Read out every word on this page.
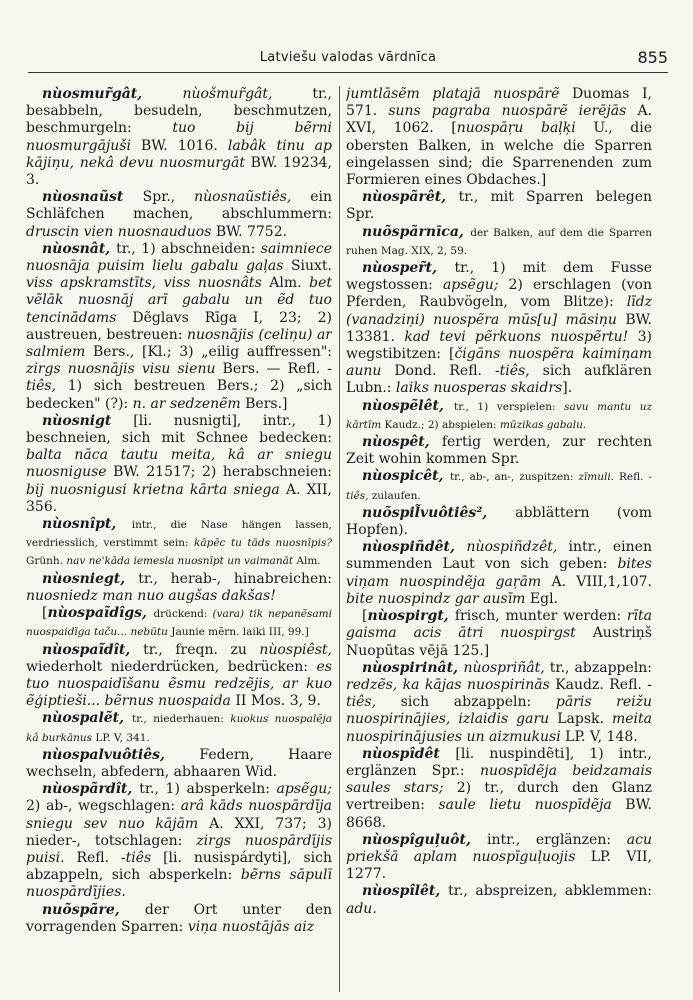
Latviešu valodas vārdnīca	855

nùosmur̃gât, nùošmur̃gât, tr., besabbeln, besudeln, beschmutzen, beschmurgeln: tuo bij bẽrni nuosmurgājuši BW. 1016. labâk tinu ap kājiņu, nekâ devu nuosmurgāt BW. 19234, 3.

nùosnaũst Spr., nùosnaũstiês, ein Schläfchen machen, abschlummern: druscin vien nuosnauduos BW. 7752.

nùosnât, tr., 1) abschneiden: saimniece nuosnāja puisim lielu gabalu gaļas Siuxt. viss apskramstīts, viss nuosnâts Alm. bet vẽlāk nuosnāj arī gabalu un ẽd tuo tencinādams Dẽglavs Rīga I, 23; 2) austreuen, bestreuen: nuosnājis (celiņu) ar salmiem Bers., [Kl.; 3) „eilig auffressen": zirgs nuosnājis visu sienu Bers. — Refl. -tiês, 1) sich bestreuen Bers.; 2) „sich bedecken" (?): n. ar sedzenẽm Bers.]

nùosnigt [li. nusnigti], intr., 1) beschneien, sich mit Schnee bedecken: balta nāca tautu meita, kâ ar sniegu nuosniguse BW. 21517; 2) herabschneien: bij nuosnigusi krietna kārta sniega A. XII, 356.

nùosnîpt, intr., die Nase hängen lassen, verdriesslich, verstimmt sein: kāpēc tu tāds nuosnīpis? Grünh. nav ne'kāda iemesla nuosnīpt un vaimanāt Alm.

nùosniegt, tr., herab-, hinabreichen: nuosniedz man nuo augšas dakšas!

[nùospaĩdîgs, drückend: (vara) tik nepanẽsami nuospaidīga taču... nebūtu Jaunie mẽrn. laiki III, 99.]

nùospaĩdît, tr., freqn. zu nùospiêst, wiederholt niederdrücken, bedrücken: es tuo nuospaidīšanu ẽsmu redzẽjis, ar kuo ẽģiptieši... bẽrnus nuospaida II Mos. 3, 9.

nùospalẽt, tr., niederhauen: kuokus nuospalẽja kâ burkānus LP. V, 341.

nùospalvuôtiês, Federn, Haare wechseln, abfedern, abhaaren Wid.

nùospãrdît, tr., 1) absperkeln: apsẽgu; 2) ab-, wegschlagen: arâ kāds nuospārdīja sniegu sev nuo kājām A. XXI, 737; 3) nieder-, totschlagen: zirgs nuospārdījis puisi. Refl. -tiês [li. nusispárdyti], sich abzappeln, sich absperkeln: bẽrns sāpulī nuospārdījies.

nuõspãre, der Ort unter den vorragenden Sparren: viņa nuostājās aiz

jumtlāsẽm platajā nuospārẽ Duomas I, 571. suns pagraba nuospārẽ ierējās A. XVI, 1062. [nuospāŗu baļķi U., die obersten Balken, in welche die Sparren eingelassen sind; die Sparrenenden zum Formieren eines Obdaches.]

nùospãrêt, tr., mit Sparren belegen Spr.

nuõspãrnīca, der Balken, auf dem die Sparren ruhen Mag. XIX, 2, 59.

nùosper̃t, tr., 1) mit dem Fusse wegstossen: apsẽgu; 2) erschlagen (von Pferden, Raubvögeln, vom Blitze): līdz (vanadziņi) nuospẽra mūs[u] māsiņu BW. 13381. kad tevi pẽrkuons nuospẽrtu! 3) wegstibitzen: [čigāns nuospẽra kaimiņam aunu Dond. Refl. -tiês, sich aufklären Lubn.: laiks nuosperas skaidrs].

nùospẽlêt, tr., 1) verspielen: savu mantu uz kārtīm Kaudz.; 2) abspielen: mūzikas gabalu.

nùospêt, fertig werden, zur rechten Zeit wohin kommen Spr.

nùospicêt, tr., ab-, an-, zuspitzen: zīmuli. Refl. -tiês, zulaufen.

nuõspil̃vuôtiês², abblättern (vom Hopfen).

nùospiñdêt, nùospiñdzêt, intr., einen summenden Laut von sich geben: bites viņam nuospindẽja gaŗām A. VIII,1,107. bite nuospindz gar ausīm Egl.

[nùospirgt, frisch, munter werden: rīta gaisma acis ātri nuospirgst Austriņš Nuopūtas vējā 125.]

nùospirinât, nùospriñât, tr., abzappeln: redzẽs, ka kājas nuospirinās Kaudz. Refl. -tiês, sich abzappeln: pāris reižu nuospirinājies, izlaidis garu Lapsk. meita nuospirinājusies un aizmukusi LP. V, 148.

nùospîdêt [li. nuspindẽti], 1) intr., erglänzen Spr.: nuospīdẽja beidzamais saules stars; 2) tr., durch den Glanz vertreiben: saule lietu nuospīdẽja BW. 8668.

nùospîguļuôt, intr., erglänzen: acu priekšā aplam nuospīguļuojis LP. VII, 1277.

nùospîlêt, tr., abspreizen, abklemmen: adu.
